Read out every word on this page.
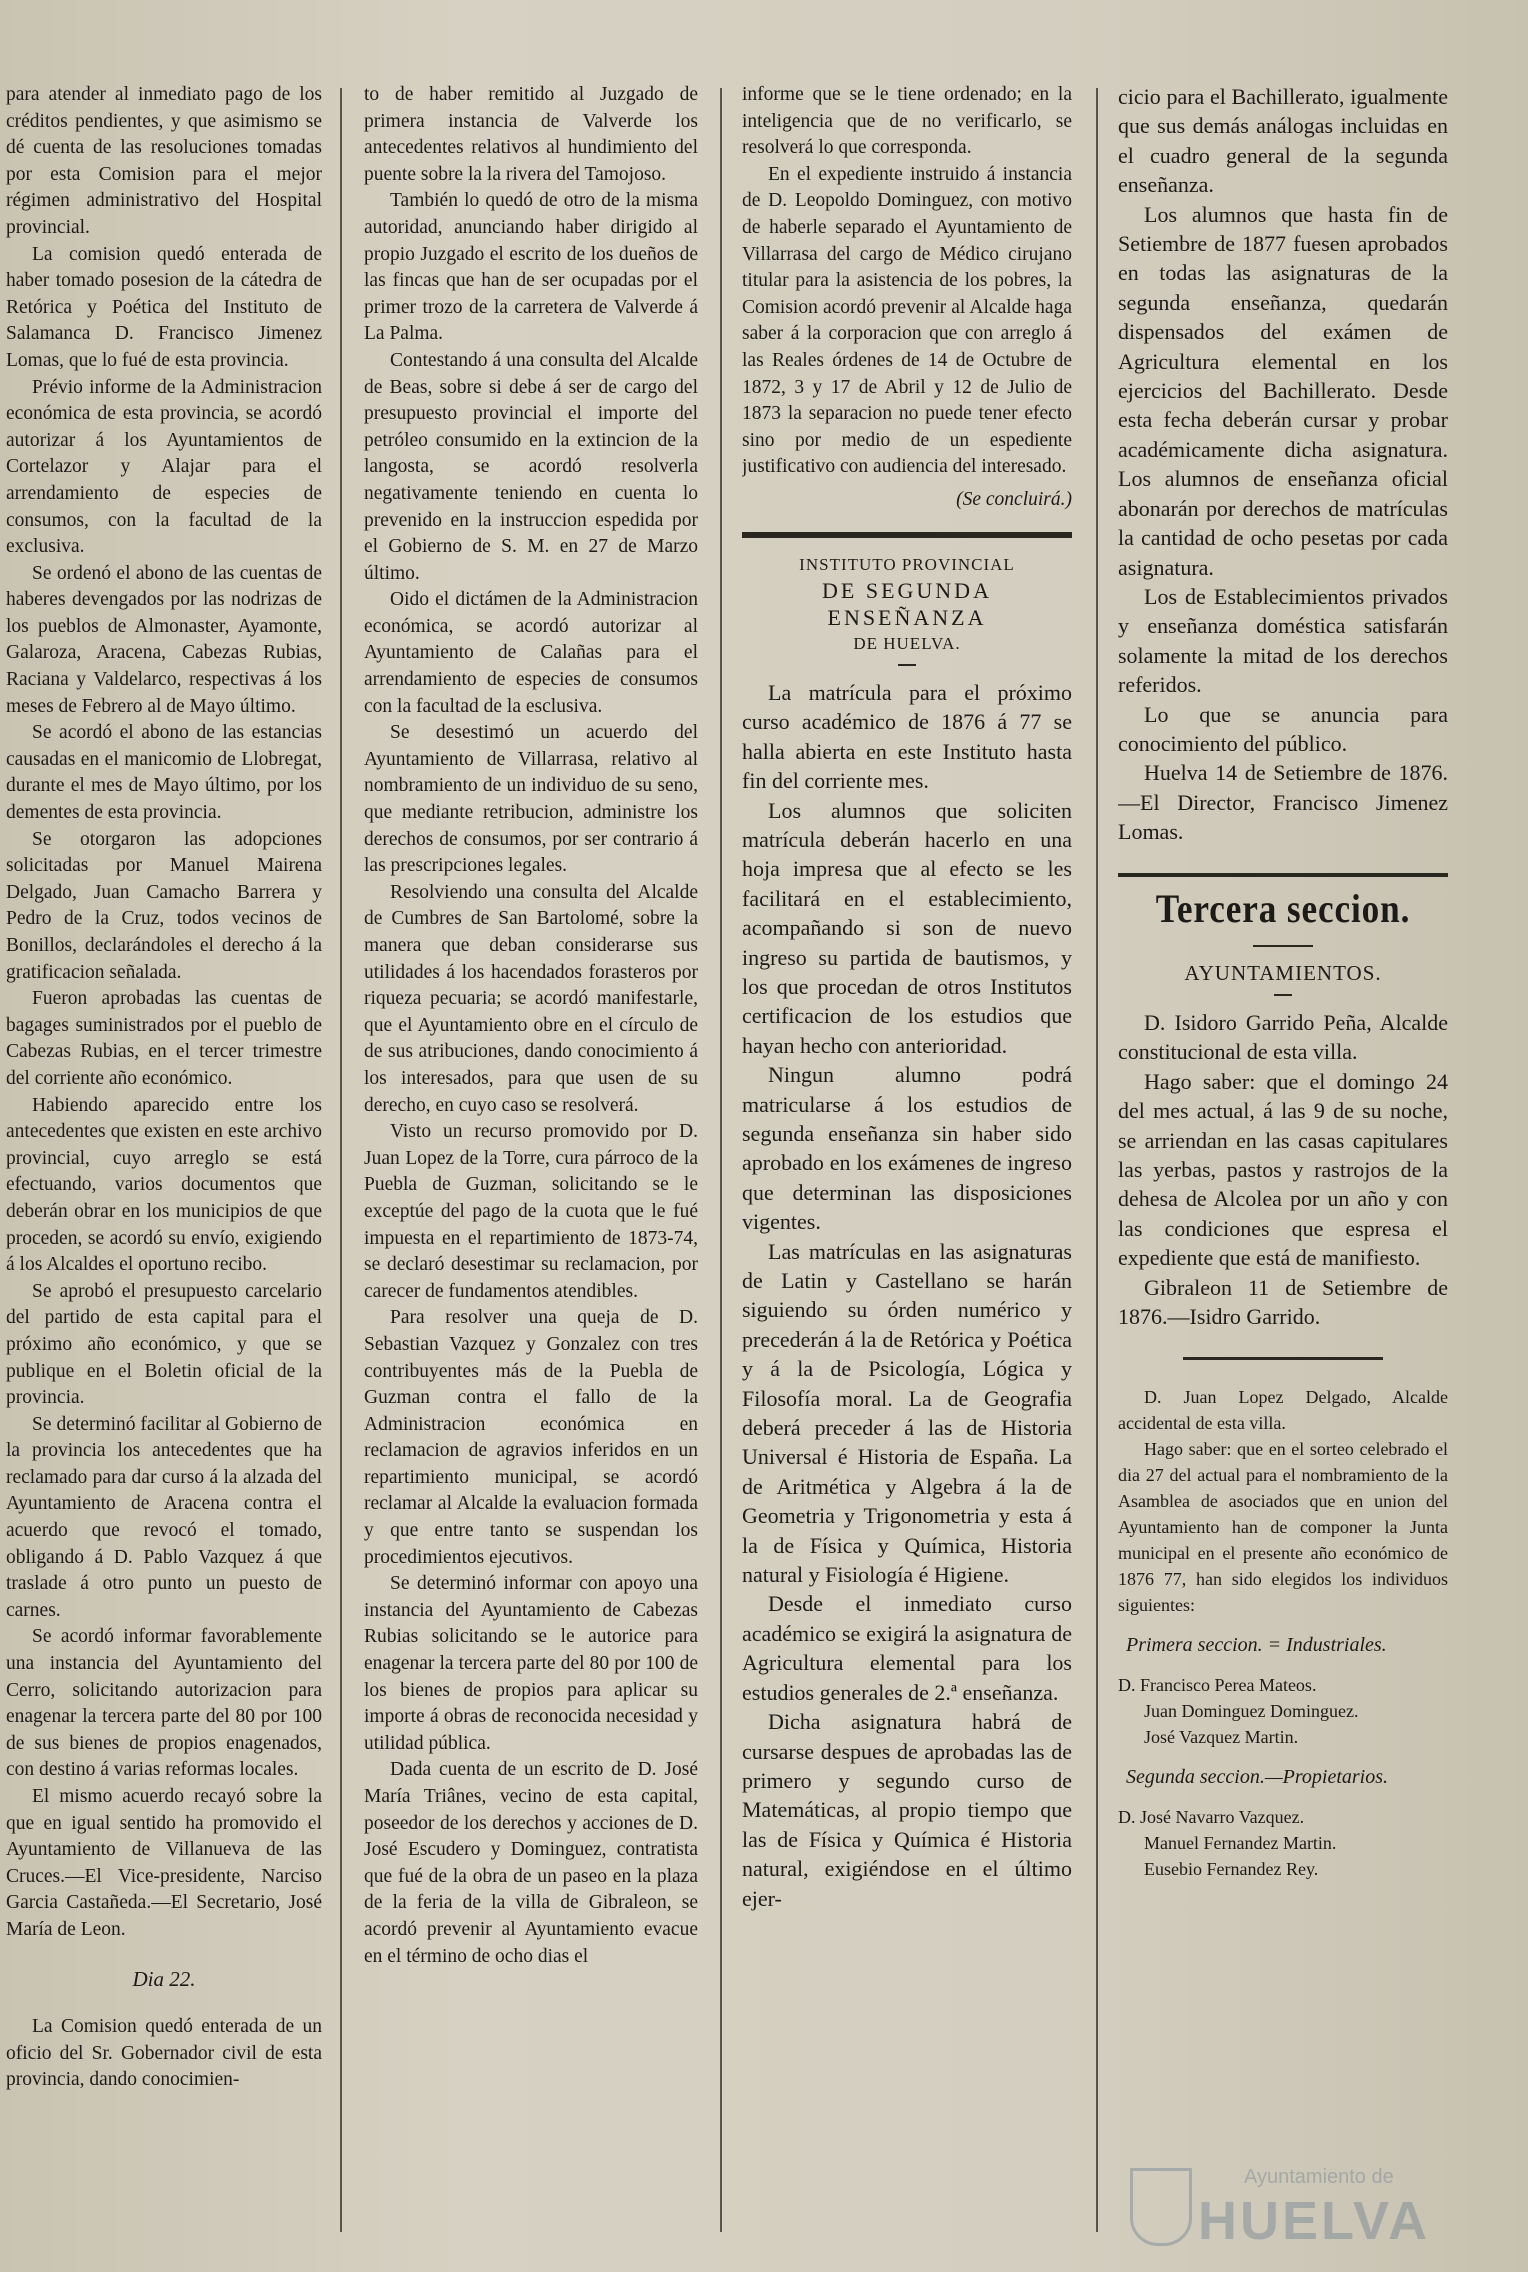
para atender al inmediato pago de los créditos pendientes, y que asimismo se dé cuenta de las resoluciones tomadas por esta Comision para el mejor régimen administrativo del Hospital provincial.

La comision quedó enterada de haber tomado posesion de la cátedra de Retórica y Poética del Instituto de Salamanca D. Francisco Jimenez Lomas, que lo fué de esta provincia.

Prévio informe de la Administracion económica de esta provincia, se acordó autorizar á los Ayuntamientos de Cortelazor y Alajar para el arrendamiento de especies de consumos, con la facultad de la exclusiva.

Se ordenó el abono de las cuentas de haberes devengados por las nodrizas de los pueblos de Almonaster, Ayamonte, Galaroza, Aracena, Cabezas Rubias, Raciana y Valdelarco, respectivas á los meses de Febrero al de Mayo último.

Se acordó el abono de las estancias causadas en el manicomio de Llobregat, durante el mes de Mayo último, por los dementes de esta provincia.

Se otorgaron las adopciones solicitadas por Manuel Mairena Delgado, Juan Camacho Barrera y Pedro de la Cruz, todos vecinos de Bonillos, declarándoles el derecho á la gratificacion señalada.

Fueron aprobadas las cuentas de bagages suministrados por el pueblo de Cabezas Rubias, en el tercer trimestre del corriente año económico.

Habiendo aparecido entre los antecedentes que existen en este archivo provincial, cuyo arreglo se está efectuando, varios documentos que deberán obrar en los municipios de que proceden, se acordó su envío, exigiendo á los Alcaldes el oportuno recibo.

Se aprobó el presupuesto carcelario del partido de esta capital para el próximo año económico, y que se publique en el Boletin oficial de la provincia.

Se determinó facilitar al Gobierno de la provincia los antecedentes que ha reclamado para dar curso á la alzada del Ayuntamiento de Aracena contra el acuerdo que revocó el tomado, obligando á D. Pablo Vazquez á que traslade á otro punto un puesto de carnes.

Se acordó informar favorablemente una instancia del Ayuntamiento del Cerro, solicitando autorizacion para enagenar la tercera parte del 80 por 100 de sus bienes de propios enagenados, con destino á varias reformas locales.

El mismo acuerdo recayó sobre la que en igual sentido ha promovido el Ayuntamiento de Villanueva de las Cruces.—El Vice-presidente, Narciso Garcia Castañeda.—El Secretario, José María de Leon.

Dia 22.

La Comision quedó enterada de un oficio del Sr. Gobernador civil de esta provincia, dando conocimien-

to de haber remitido al Juzgado de primera instancia de Valverde los antecedentes relativos al hundimiento del puente sobre la la rivera del Tamojoso.

También lo quedó de otro de la misma autoridad, anunciando haber dirigido al propio Juzgado el escrito de los dueños de las fincas que han de ser ocupadas por el primer trozo de la carretera de Valverde á La Palma.

Contestando á una consulta del Alcalde de Beas, sobre si debe á ser de cargo del presupuesto provincial el importe del petróleo consumido en la extincion de la langosta, se acordó resolverla negativamente teniendo en cuenta lo prevenido en la instruccion espedida por el Gobierno de S. M. en 27 de Marzo último.

Oido el dictámen de la Administracion económica, se acordó autorizar al Ayuntamiento de Calañas para el arrendamiento de especies de consumos con la facultad de la esclusiva.

Se desestimó un acuerdo del Ayuntamiento de Villarrasa, relativo al nombramiento de un individuo de su seno, que mediante retribucion, administre los derechos de consumos, por ser contrario á las prescripciones legales.

Resolviendo una consulta del Alcalde de Cumbres de San Bartolomé, sobre la manera que deban considerarse sus utilidades á los hacendados forasteros por riqueza pecuaria; se acordó manifestarle, que el Ayuntamiento obre en el círculo de de sus atribuciones, dando conocimiento á los interesados, para que usen de su derecho, en cuyo caso se resolverá.

Visto un recurso promovido por D. Juan Lopez de la Torre, cura párroco de la Puebla de Guzman, solicitando se le exceptúe del pago de la cuota que le fué impuesta en el repartimiento de 1873-74, se declaró desestimar su reclamacion, por carecer de fundamentos atendibles.

Para resolver una queja de D. Sebastian Vazquez y Gonzalez con tres contribuyentes más de la Puebla de Guzman contra el fallo de la Administracion económica en reclamacion de agravios inferidos en un repartimiento municipal, se acordó reclamar al Alcalde la evaluacion formada y que entre tanto se suspendan los procedimientos ejecutivos.

Se determinó informar con apoyo una instancia del Ayuntamiento de Cabezas Rubias solicitando se le autorice para enagenar la tercera parte del 80 por 100 de los bienes de propios para aplicar su importe á obras de reconocida necesidad y utilidad pública.

Dada cuenta de un escrito de D. José María Triânes, vecino de esta capital, poseedor de los derechos y acciones de D. José Escudero y Dominguez, contratista que fué de la obra de un paseo en la plaza de la feria de la villa de Gibraleon, se acordó prevenir al Ayuntamiento evacue en el término de ocho dias el

informe que se le tiene ordenado; en la inteligencia que de no verificarlo, se resolverá lo que corresponda.

En el expediente instruido á instancia de D. Leopoldo Dominguez, con motivo de haberle separado el Ayuntamiento de Villarrasa del cargo de Médico cirujano titular para la asistencia de los pobres, la Comision acordó prevenir al Alcalde haga saber á la corporacion que con arreglo á las Reales órdenes de 14 de Octubre de 1872, 3 y 17 de Abril y 12 de Julio de 1873 la separacion no puede tener efecto sino por medio de un espediente justificativo con audiencia del interesado.

(Se concluirá.)

INSTITUTO PROVINCIAL

DE SEGUNDA ENSEÑANZA

DE HUELVA.

La matrícula para el próximo curso académico de 1876 á 77 se halla abierta en este Instituto hasta fin del corriente mes.

Los alumnos que soliciten matrícula deberán hacerlo en una hoja impresa que al efecto se les facilitará en el establecimiento, acompañando si son de nuevo ingreso su partida de bautismos, y los que procedan de otros Institutos certificacion de los estudios que hayan hecho con anterioridad.

Ningun alumno podrá matricularse á los estudios de segunda enseñanza sin haber sido aprobado en los exámenes de ingreso que determinan las disposiciones vigentes.

Las matrículas en las asignaturas de Latin y Castellano se harán siguiendo su órden numérico y precederán á la de Retórica y Poética y á la de Psicología, Lógica y Filosofía moral. La de Geografia deberá preceder á las de Historia Universal é Historia de España. La de Aritmética y Algebra á la de Geometria y Trigonometria y esta á la de Física y Química, Historia natural y Fisiología é Higiene.

Desde el inmediato curso académico se exigirá la asignatura de Agricultura elemental para los estudios generales de 2.ª enseñanza.

Dicha asignatura habrá de cursarse despues de aprobadas las de primero y segundo curso de Matemáticas, al propio tiempo que las de Física y Química é Historia natural, exigiéndose en el último ejer-

cicio para el Bachillerato, igualmente que sus demás análogas incluidas en el cuadro general de la segunda enseñanza.

Los alumnos que hasta fin de Setiembre de 1877 fuesen aprobados en todas las asignaturas de la segunda enseñanza, quedarán dispensados del exámen de Agricultura elemental en los ejercicios del Bachillerato. Desde esta fecha deberán cursar y probar académicamente dicha asignatura. Los alumnos de enseñanza oficial abonarán por derechos de matrículas la cantidad de ocho pesetas por cada asignatura.

Los de Establecimientos privados y enseñanza doméstica satisfarán solamente la mitad de los derechos referidos.

Lo que se anuncia para conocimiento del público.

Huelva 14 de Setiembre de 1876.—El Director, Francisco Jimenez Lomas.

Tercera seccion.

AYUNTAMIENTOS.

D. Isidoro Garrido Peña, Alcalde constitucional de esta villa.

Hago saber: que el domingo 24 del mes actual, á las 9 de su noche, se arriendan en las casas capitulares las yerbas, pastos y rastrojos de la dehesa de Alcolea por un año y con las condiciones que espresa el expediente que está de manifiesto.

Gibraleon 11 de Setiembre de 1876.—Isidro Garrido.

D. Juan Lopez Delgado, Alcalde accidental de esta villa.

Hago saber: que en el sorteo celebrado el dia 27 del actual para el nombramiento de la Asamblea de asociados que en union del Ayuntamiento han de componer la Junta municipal en el presente año económico de 1876 77, han sido elegidos los individuos siguientes:

Primera seccion. = Industriales.

D. Francisco Perea Mateos.

Juan Dominguez Dominguez.

José Vazquez Martin.

Segunda seccion.—Propietarios.

D. José Navarro Vazquez.

Manuel Fernandez Martin.

Eusebio Fernandez Rey.

Ayuntamiento de
HUELVA
